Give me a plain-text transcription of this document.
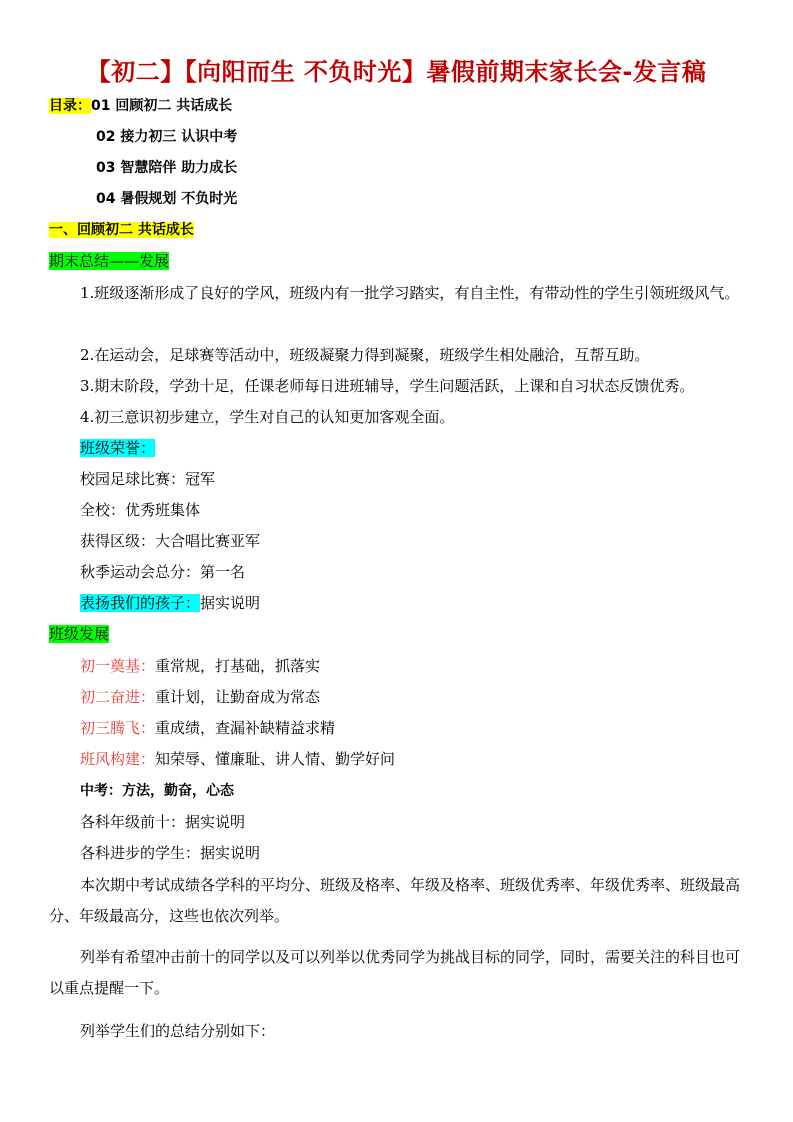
【初二】【向阳而生 不负时光】暑假前期末家长会-发言稿
目录：01 回顾初二 共话成长
02 接力初三 认识中考
03 智慧陪伴 助力成长
04 暑假规划 不负时光
一、回顾初二 共话成长
期末总结——发展
1.班级逐渐形成了良好的学风，班级内有一批学习踏实，有自主性，有带动性的学生引领班级风气。
2.在运动会，足球赛等活动中，班级凝聚力得到凝聚，班级学生相处融洽，互帮互助。
3.期末阶段，学劲十足，任课老师每日进班辅导，学生问题活跃，上课和自习状态反馈优秀。
4.初三意识初步建立，学生对自己的认知更加客观全面。
班级荣誉：
校园足球比赛：冠军
全校：优秀班集体
获得区级：大合唱比赛亚军
秋季运动会总分：第一名
表扬我们的孩子：据实说明
班级发展
初一奠基：重常规，打基础，抓落实
初二奋进：重计划，让勤奋成为常态
初三腾飞：重成绩，查漏补缺精益求精
班风构建：知荣辱、懂廉耻、讲人情、勤学好问
中考：方法，勤奋，心态
各科年级前十：据实说明
各科进步的学生：据实说明
本次期中考试成绩各学科的平均分、班级及格率、年级及格率、班级优秀率、年级优秀率、班级最高分、年级最高分，这些也依次列举。
列举有希望冲击前十的同学以及可以列举以优秀同学为挑战目标的同学，同时，需要关注的科目也可以重点提醒一下。
列举学生们的总结分别如下：
